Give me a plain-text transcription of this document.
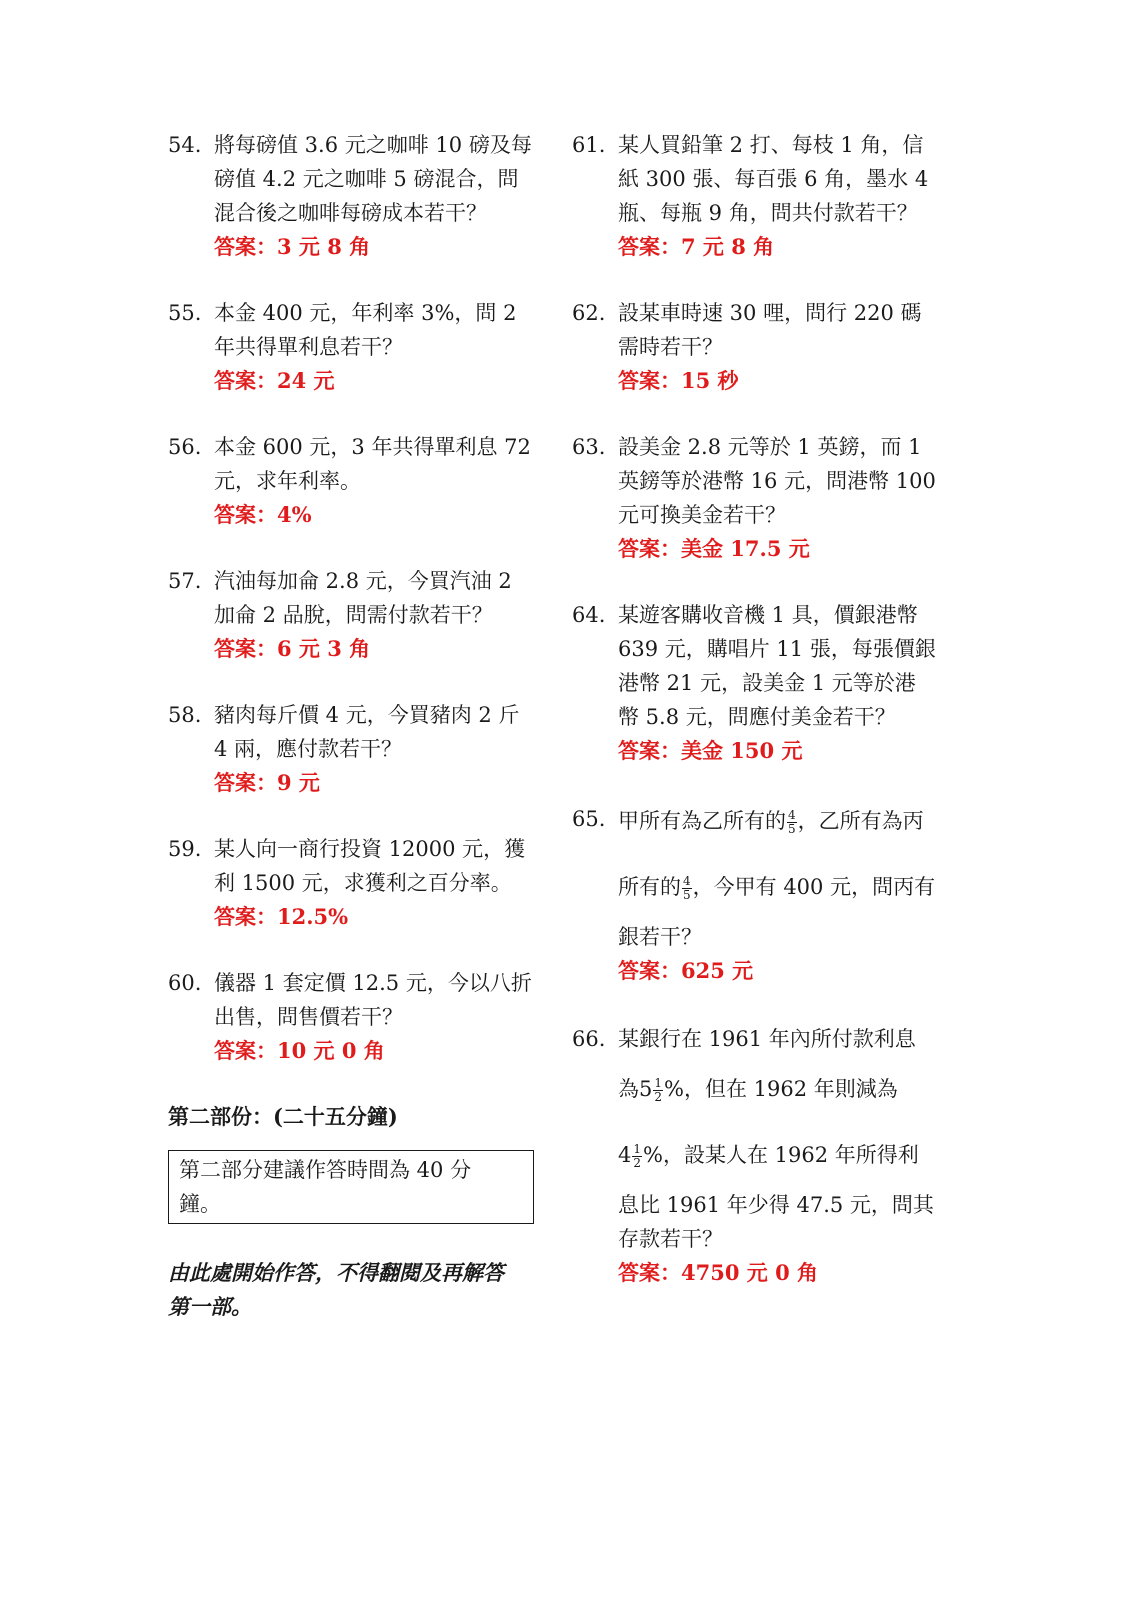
54. 將每磅值 3.6 元之咖啡 10 磅及每
磅值 4.2 元之咖啡 5 磅混合，問
混合後之咖啡每磅成本若干？
答案：3 元 8 角
55. 本金 400 元，年利率 3%，問 2
年共得單利息若干？
答案：24 元
56. 本金 600 元，3 年共得單利息 72
元，求年利率。
答案：4%
57. 汽油每加侖 2.8 元，今買汽油 2
加侖 2 品脫，問需付款若干？
答案：6 元 3 角
58. 豬肉每斤價 4 元，今買豬肉 2 斤
4 兩，應付款若干？
答案：9 元
59. 某人向一商行投資 12000 元，獲
利 1500 元，求獲利之百分率。
答案：12.5%
60. 儀器 1 套定價 12.5 元，今以八折
出售，問售價若干？
答案：10 元 0 角
第二部份：(二十五分鐘)
第二部分建議作答時間為 40 分
鐘。
由此處開始作答，不得翻閱及再解答
第一部。
61. 某人買鉛筆 2 打、每枝 1 角，信
紙 300 張、每百張 6 角，墨水 4
瓶、每瓶 9 角，問共付款若干？
答案：7 元 8 角
62. 設某車時速 30 哩，問行 220 碼
需時若干？
答案：15 秒
63. 設美金 2.8 元等於 1 英鎊，而 1
英鎊等於港幣 16 元，問港幣 100
元可換美金若干？
答案：美金 17.5 元
64. 某遊客購收音機 1 具，價銀港幣
639 元，購唱片 11 張，每張價銀
港幣 21 元，設美金 1 元等於港
幣 5.8 元，問應付美金若干？
答案：美金 150 元
65. 甲所有為乙所有的 $\frac{4}{5}$ ，乙所有為丙
所有的 $\frac{4}{5}$ ，今甲有 400 元，問丙有
銀若干？
答案：625 元
66. 某銀行在 1961 年內所付款利息
為$5 \frac{1}{2}$ %，但在 1962 年則減為
$4 \frac{1}{2}$ %，設某人在 1962 年所得利
息比 1961 年少得 47.5 元，問其
存款若干？
答案：4750 元 0 角
